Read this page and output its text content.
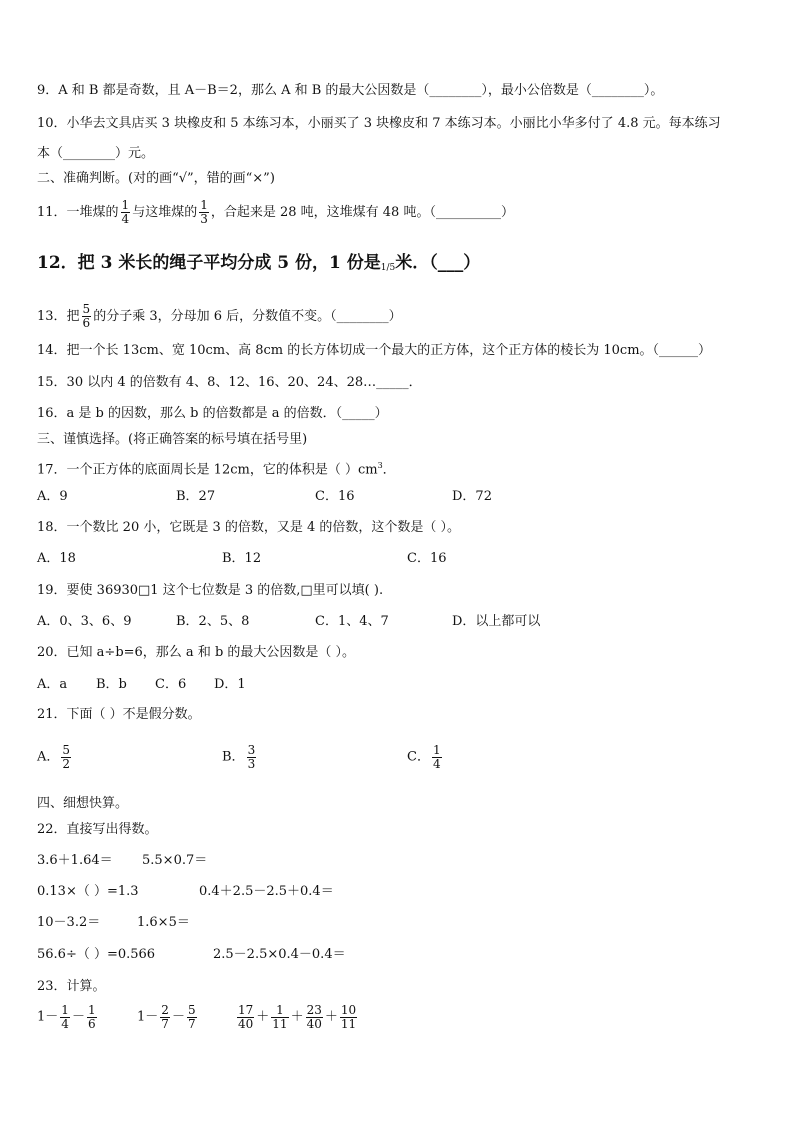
9．A 和 B 都是奇数，且 A－B＝2，那么 A 和 B 的最大公因数是（________），最小公倍数是（________）。
10．小华去文具店买 3 块橡皮和 5 本练习本，小丽买了 3 块橡皮和 7 本练习本。小丽比小华多付了 4.8 元。每本练习
本（________）元。
二、准确判断。(对的画“√”，错的画“×”)
11．一堆煤的 $\frac{1}{4}$ 与这堆煤的 $\frac{1}{3}$ ，合起来是 28 吨，这堆煤有 48 吨。（__________）
12．把 3 米长的绳子平均分成 5 份，1 份是1/5米．（___）
13．把 $\frac{5}{6}$ 的分子乘 3，分母加 6 后，分数值不变。（________）
14．把一个长 13cm、宽 10cm、高 8cm 的长方体切成一个最大的正方体，这个正方体的棱长为 10cm。（______）
15．30 以内 4 的倍数有 4、8、12、16、20、24、28…_____．
16．a 是 b 的因数，那么 b 的倍数都是 a 的倍数．（_____）
三、谨慎选择。(将正确答案的标号填在括号里)
17．一个正方体的底面周长是 12cm，它的体积是（ ）$cm^3$．
A．9	B．27	C．16	D．72
18．一个数比 20 小，它既是 3 的倍数，又是 4 的倍数，这个数是（ ）。
A．18	B．12	C．16
19．要使 36930□1 这个七位数是 3 的倍数,□里可以填( ).
A．0、3、6、9	B．2、5、8	C．1、4、7	D．以上都可以
20．已知 a÷b=6，那么 a 和 b 的最大公因数是（ ）。
A．a B．b C．6 D．1
21．下面（ ）不是假分数。
A． $\frac{5}{2}$	B． $\frac{3}{3}$	C． $\frac{1}{4}$
四、细想快算。
22．直接写出得数。
3.6＋1.64＝ 5.5×0.7＝
0.13×（ ）=1.3	0.4＋2.5－2.5＋0.4＝
10－3.2＝	1.6×5＝
56.6÷（ ）=0.566	2.5－2.5×0.4－0.4＝
23．计算。
$1- \frac{1}{4} - \frac{1}{6}$	$1- \frac{2}{7} - \frac{5}{7}$	$\frac{17}{40} + \frac{1}{11} + \frac{23}{40} + \frac{10}{11}$
